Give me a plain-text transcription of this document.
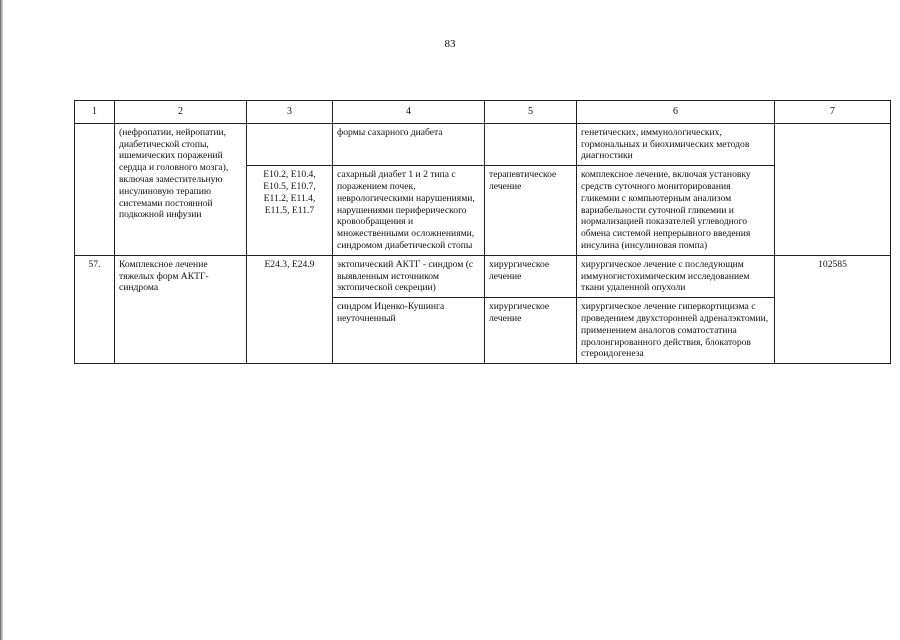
83
1	2	3	4	5	6	7
	(нефропатии, нейропатии, диабетической стопы, ишемических поражений сердца и головного мозга), включая заместительную инсулиновую терапию системами постоянной подкожной инфузии		формы сахарного диабета		генетических, иммунологических, гормональных и биохимических методов диагностики	
		E10.2, E10.4, E10.5, E10.7, E11.2, E11.4, E11.5, E11.7	сахарный диабет 1 и 2 типа с поражением почек, неврологическими нарушениями, нарушениями периферического кровообращения и множественными осложнениями, синдромом диабетической стопы	терапевтическое лечение	комплексное лечение, включая установку средств суточного мониторирования гликемии с компьютерным анализом вариабельности суточной гликемии и нормализацией показателей углеводного обмена системой непрерывного введения инсулина (инсулиновая помпа)	
57.	Комплексное лечение тяжелых форм АКТГ-синдрома	E24.3, E24.9	эктопический АКТГ - синдром (с выявленным источником эктопической секреции)	хирургическое лечение	хирургическое лечение с последующим иммуногистохимическим исследованием ткани удаленной опухоли	102585
			синдром Иценко-Кушинга неуточненный	хирургическое лечение	хирургическое лечение гиперкортицизма с проведением двухсторонней адреналэктомии, применением аналогов соматостатина пролонгированного действия, блокаторов стероидогенеза	
